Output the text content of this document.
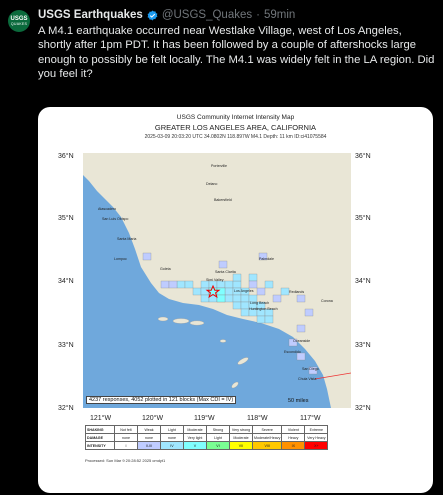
USGS
QUAKES
USGS Earthquakes @USGS_Quakes · 59min
A M4.1 earthquake occurred near Westlake Village, west of Los Angeles, shortly after 1pm PDT. It has been followed by a couple of aftershocks large enough to possibly be felt locally. The M4.1 was widely felt in the LA region. Did you feel it?
USGS Community Internet Intensity Map
GREATER LOS ANGELES AREA, CALIFORNIA
2025-03-09 20:03:20 UTC 34.0802N 118.897W M4.1 Depth: 11 km ID:ci41075584
36°N
35°N
34°N
33°N
32°N
36°N
35°N
34°N
33°N
32°N
Porterville
Delano
Bakersfield
Atascadero
San Luis Obispo
Santa Maria
Lompoc
Goleta
Santa Clarita
Palmdale
Simi Valley
Los Angeles	Redlands
Long Beach
Huntington Beach
Corona
Oceanside
Escondido
San Diego
Chula Vista
4237 responses, 4052 plotted in 121 blocks (Max CDI = IV)	50 miles
121°W	120°W	119°W	118°W	117°W
SHAKING	Not felt	Weak	Light	Moderate	Strong	Very strong	Severe	Violent	Extreme
DAMAGE	none	none	none	Very light	Light	Moderate	Moderate/Heavy	Heavy	Very Heavy
INTENSITY	I	II-III	IV	V	VI	VII	VIII	IX	X+
Processed: Sun Mar 9 20:28:52 2025 cmdyt1
